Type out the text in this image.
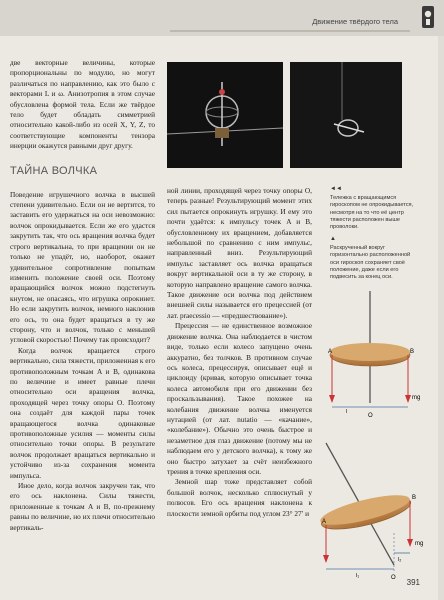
Движение твёрдого тела

две векторные величины, которые пропорциональны по модулю, но могут различаться по направлению, как это было с векторами L и ω. Анизотропия в этом случае обусловлена формой тела. Если же твёрдое тело будет обладать симметрией относительно какой-либо из осей X, Y, Z, то соответствующие компоненты тензора инерции окажутся равными друг другу.

ТАЙНА ВОЛЧКА

Поведение игрушечного волчка в высшей степени удивительно. Если он не вертится, то заставить его удержаться на оси невозможно: волчок опрокидывается. Если же его удастся закрутить так, что ось вращения волчка будет строго вертикальна, то при вращении он не только не упадёт, но, наоборот, окажет удивительное сопротивление попыткам изменить положение своей оси. Поэтому вращающийся волчок можно подстегнуть кнутом, не опасаясь, что игрушка опрокинет. Но если закрутить волчок, немного наклонив его ось, то она будет вращаться в ту же сторону, что и волчок, только с меньшей угловой скоростью! Почему так происходит?

Когда волчок вращается строго вертикально, сила тяжести, приложенная к его противоположным точкам A и B, одинакова по величине и имеет равные плечи относительно оси вращения волчка, проходящей через точку опоры O. Поэтому она создаёт для каждой пары точек вращающегося волчка одинаковые противоположные усилия — моменты силы относительно точки опоры. В результате волчок продолжает вращаться вертикально и устойчиво из-за сохранения момента импульса.

Иное дело, когда волчок закручен так, что его ось наклонена. Силы тяжести, приложенные к точкам A и B, по-прежнему равны по величине, но их плечи относительно вертикаль-

ной линии, проходящей через точку опоры O, теперь разные! Результирующий момент этих сил пытается опрокинуть игрушку. И ему это почти удаётся: к импульсу точек A и B, обусловленному их вращением, добавляется небольшой по сравнению с ним импульс, направленный вниз. Результирующий импульс заставляет ось волчка вращаться вокруг вертикальной оси в ту же сторону, в которую направлено вращение самого волчка. Такое движение оси волчка под действием внешней силы называется его прецессией (от лат. praecessio — «предшествование»).

Прецессия — не единственное возможное движение волчка. Она наблюдается в чистом виде, только если колесо запущено очень аккуратно, без толчков. В противном случае ось колеса, прецессируя, описывает ещё и циклоиду (кривая, которую описывает точка колеса автомобиля при его движении без проскальзывания). Такое похожее на колебания движение волчка именуется нутацией (от лат. nutatio — «качание», «колебание»). Обычно это очень быстрое и незаметное для глаз движение (потому мы не наблюдаем его у детского волчка), к тому же оно быстро затухает за счёт неизбежного трения в точке крепления оси.

Земной шар тоже представляет собой большой волчок, несколько сплюснутый у полюсов. Его ось вращения наклонена к плоскости земной орбиты под углом 23° 27′ и

◄◄
Тележка с вращающимся гироскопом не опрокидывается, несмотря на то что её центр тяжести расположен выше проволоки.
▲
Раскрученный вокруг горизонтально расположенной оси гироскоп сохраняет своё положение, даже если его подвесить за конец оси.
A	B
O
mg
l
A
B
O
mg
l₁
l₂
391
